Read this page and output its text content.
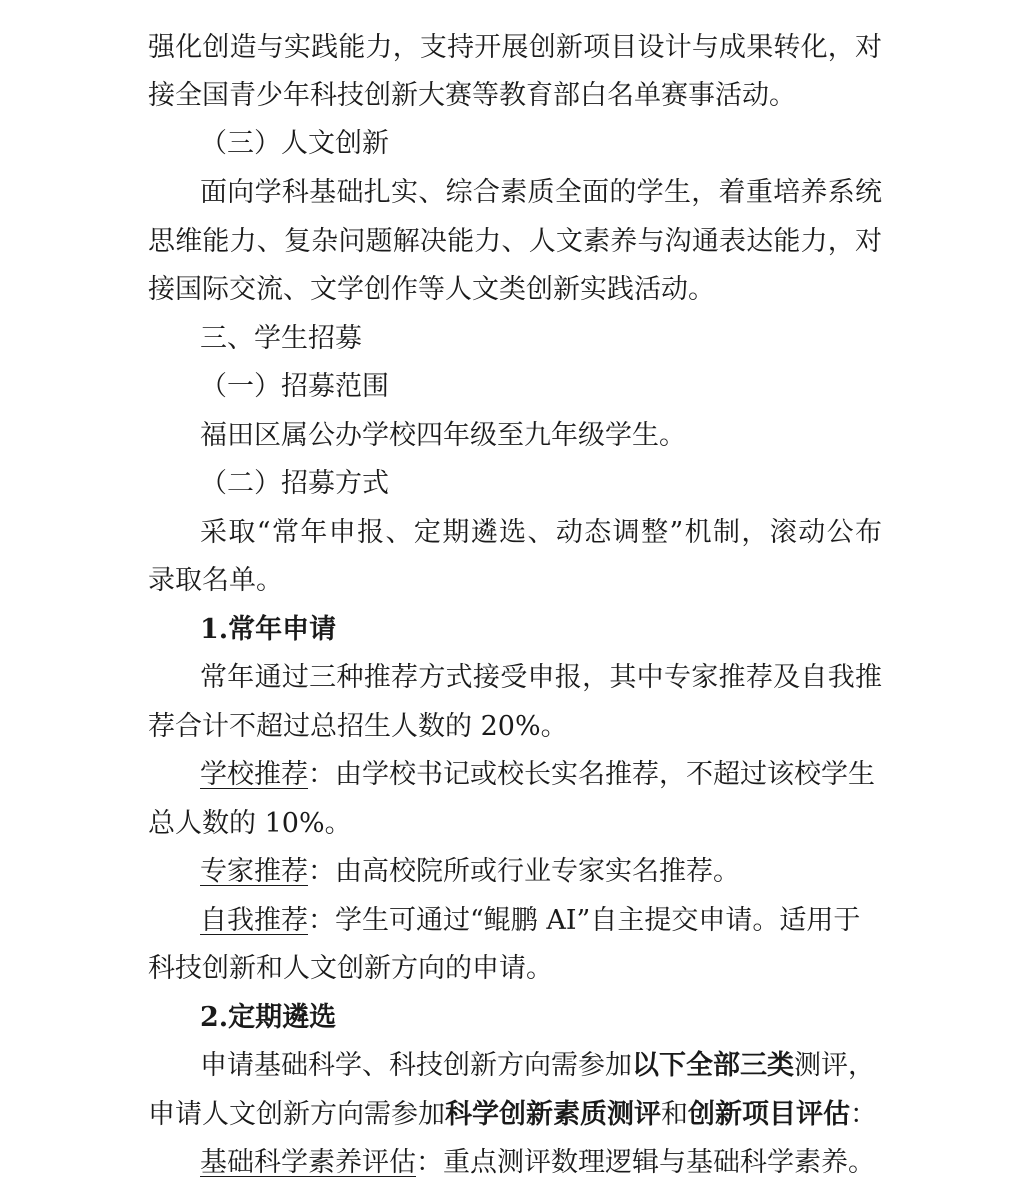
强化创造与实践能力，支持开展创新项目设计与成果转化，对
接全国青少年科技创新大赛等教育部白名单赛事活动。
（三）人文创新
面向学科基础扎实、综合素质全面的学生，着重培养系统
思维能力、复杂问题解决能力、人文素养与沟通表达能力，对
接国际交流、文学创作等人文类创新实践活动。
三、学生招募
（一）招募范围
福田区属公办学校四年级至九年级学生。
（二）招募方式
采取“常年申报、定期遴选、动态调整”机制，滚动公布
录取名单。
1.常年申请
常年通过三种推荐方式接受申报，其中专家推荐及自我推
荐合计不超过总招生人数的 20%。
学校推荐：由学校书记或校长实名推荐，不超过该校学生
总人数的 10%。
专家推荐：由高校院所或行业专家实名推荐。
自我推荐：学生可通过“鲲鹏 AI”自主提交申请。适用于
科技创新和人文创新方向的申请。
2.定期遴选
申请基础科学、科技创新方向需参加以下全部三类测评，
申请人文创新方向需参加科学创新素质测评和创新项目评估：
基础科学素养评估：重点测评数理逻辑与基础科学素养。
